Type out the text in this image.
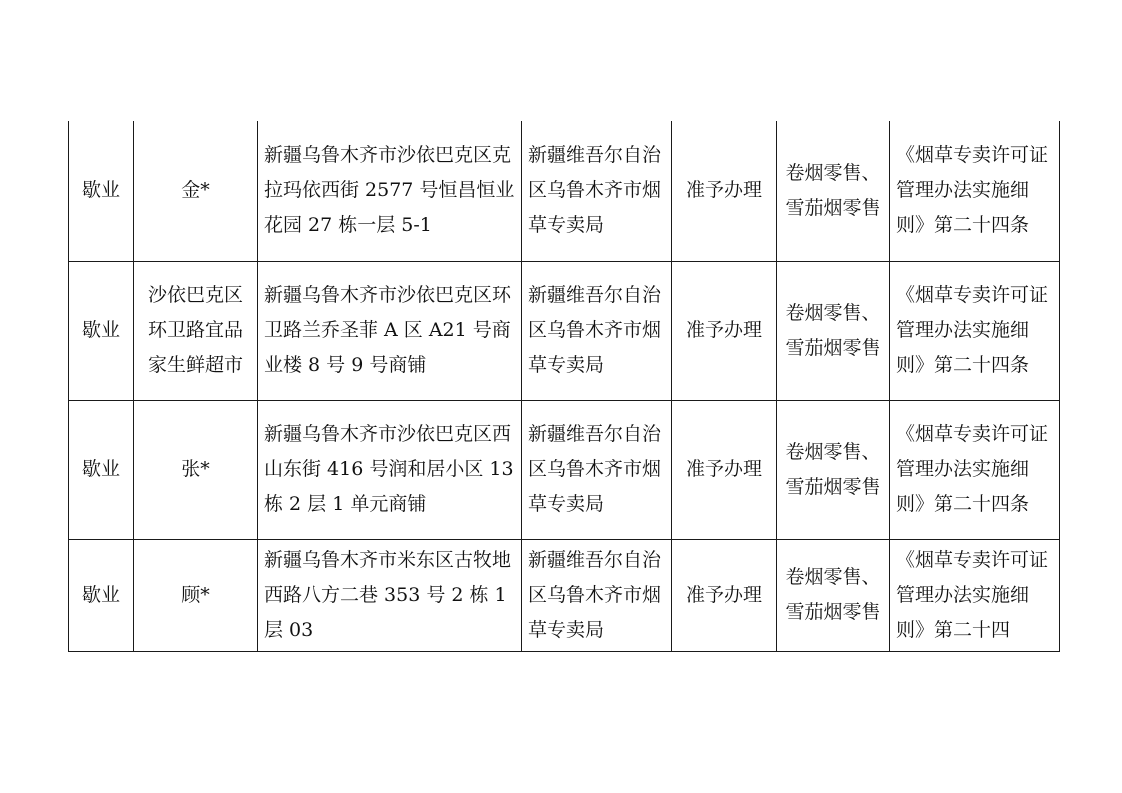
歇业	金*	新疆乌鲁木齐市沙依巴克区克拉玛依西街 2577 号恒昌恒业花园 27 栋一层 5-1	新疆维吾尔自治区乌鲁木齐市烟草专卖局	准予办理	卷烟零售、雪茄烟零售	《烟草专卖许可证管理办法实施细则》第二十四条
歇业	沙依巴克区环卫路宜品家生鲜超市	新疆乌鲁木齐市沙依巴克区环卫路兰乔圣菲 A 区 A21 号商业楼 8 号 9 号商铺	新疆维吾尔自治区乌鲁木齐市烟草专卖局	准予办理	卷烟零售、雪茄烟零售	《烟草专卖许可证管理办法实施细则》第二十四条
歇业	张*	新疆乌鲁木齐市沙依巴克区西山东街 416 号润和居小区 13 栋 2 层 1 单元商铺	新疆维吾尔自治区乌鲁木齐市烟草专卖局	准予办理	卷烟零售、雪茄烟零售	《烟草专卖许可证管理办法实施细则》第二十四条
歇业	顾*	新疆乌鲁木齐市米东区古牧地西路八方二巷 353 号 2 栋 1 层 03	新疆维吾尔自治区乌鲁木齐市烟草专卖局	准予办理	卷烟零售、雪茄烟零售	《烟草专卖许可证管理办法实施细则》第二十四
